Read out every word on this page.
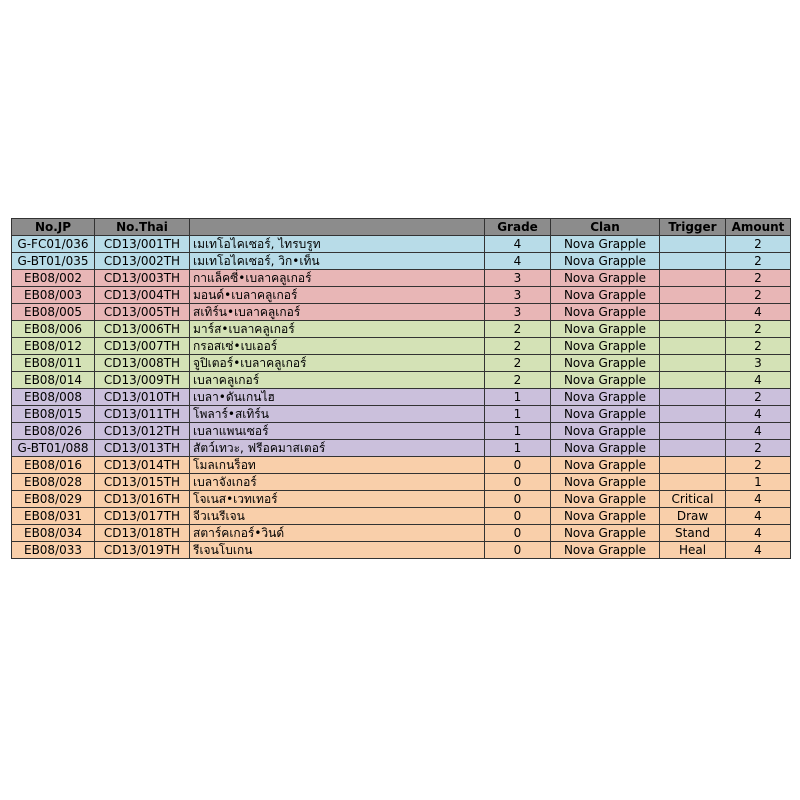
No.JP	No.Thai		Grade	Clan	Trigger	Amount
G-FC01/036	CD13/001TH	เมเทโอไคเซอร์, ไทรบรูท	4	Nova Grapple		2
G-BT01/035	CD13/002TH	เมเทโอไคเซอร์, วิก•เท็น	4	Nova Grapple		2
EB08/002	CD13/003TH	กาแล็คซี่•เบลาคลูเกอร์	3	Nova Grapple		2
EB08/003	CD13/004TH	มอนด์•เบลาคลูเกอร์	3	Nova Grapple		2
EB08/005	CD13/005TH	สเทิร์น•เบลาคลูเกอร์	3	Nova Grapple		4
EB08/006	CD13/006TH	มาร์ส•เบลาคลูเกอร์	2	Nova Grapple		2
EB08/012	CD13/007TH	กรอสเซ่•เบเออร์	2	Nova Grapple		2
EB08/011	CD13/008TH	จูปิเตอร์•เบลาคลูเกอร์	2	Nova Grapple		3
EB08/014	CD13/009TH	เบลาคลูเกอร์	2	Nova Grapple		4
EB08/008	CD13/010TH	เบลา•ดันเกนไฮ	1	Nova Grapple		2
EB08/015	CD13/011TH	โพลาร์•สเทิร์น	1	Nova Grapple		4
EB08/026	CD13/012TH	เบลาแพนเซอร์	1	Nova Grapple		4
G-BT01/088	CD13/013TH	สัตว์เทวะ, ฟรีอคมาสเตอร์	1	Nova Grapple		2
EB08/016	CD13/014TH	โมลเกนร็อท	0	Nova Grapple		2
EB08/028	CD13/015TH	เบลาจังเกอร์	0	Nova Grapple		1
EB08/029	CD13/016TH	โจเนส•เวทเทอร์	0	Nova Grapple	Critical	4
EB08/031	CD13/017TH	จีวเนรีเจน	0	Nova Grapple	Draw	4
EB08/034	CD13/018TH	สตาร์คเกอร์•วินด์	0	Nova Grapple	Stand	4
EB08/033	CD13/019TH	รีเจนโบเกน	0	Nova Grapple	Heal	4
